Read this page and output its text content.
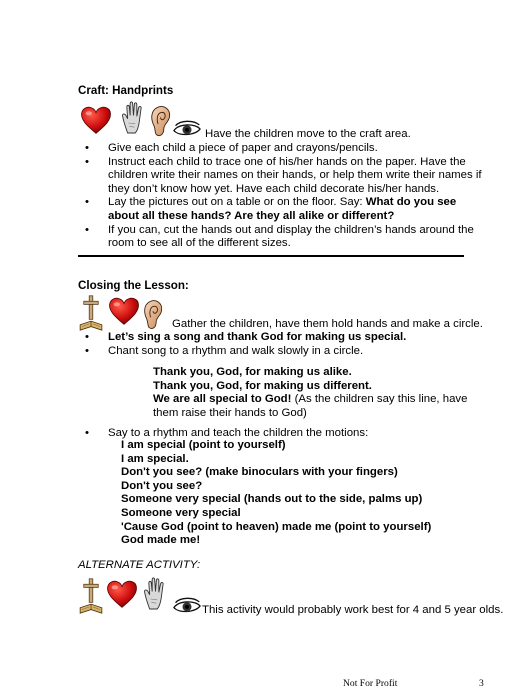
Craft: Handprints
Have the children move to the craft area.
• Give each child a piece of paper and crayons/pencils.
• Instruct each child to trace one of his/her hands on the paper. Have the children write their names on their hands, or help them write their names if they don’t know how yet. Have each child decorate his/her hands.
• Lay the pictures out on a table or on the floor. Say: What do you see about all these hands? Are they all alike or different?
• If you can, cut the hands out and display the children’s hands around the room to see all of the different sizes.
Closing the Lesson:
Gather the children, have them hold hands and make a circle.
• Let’s sing a song and thank God for making us special.
• Chant song to a rhythm and walk slowly in a circle.
Thank you, God, for making us alike.
Thank you, God, for making us different.
We are all special to God! (As the children say this line, have them raise their hands to God)
• Say to a rhythm and teach the children the motions:
I am special (point to yourself)
I am special.
Don't you see? (make binoculars with your fingers)
Don't you see?
Someone very special (hands out to the side, palms up)
Someone very special
'Cause God (point to heaven) made me (point to yourself)
God made me!
ALTERNATE ACTIVITY:
This activity would probably work best for 4 and 5 year olds.
Not For Profit	3
